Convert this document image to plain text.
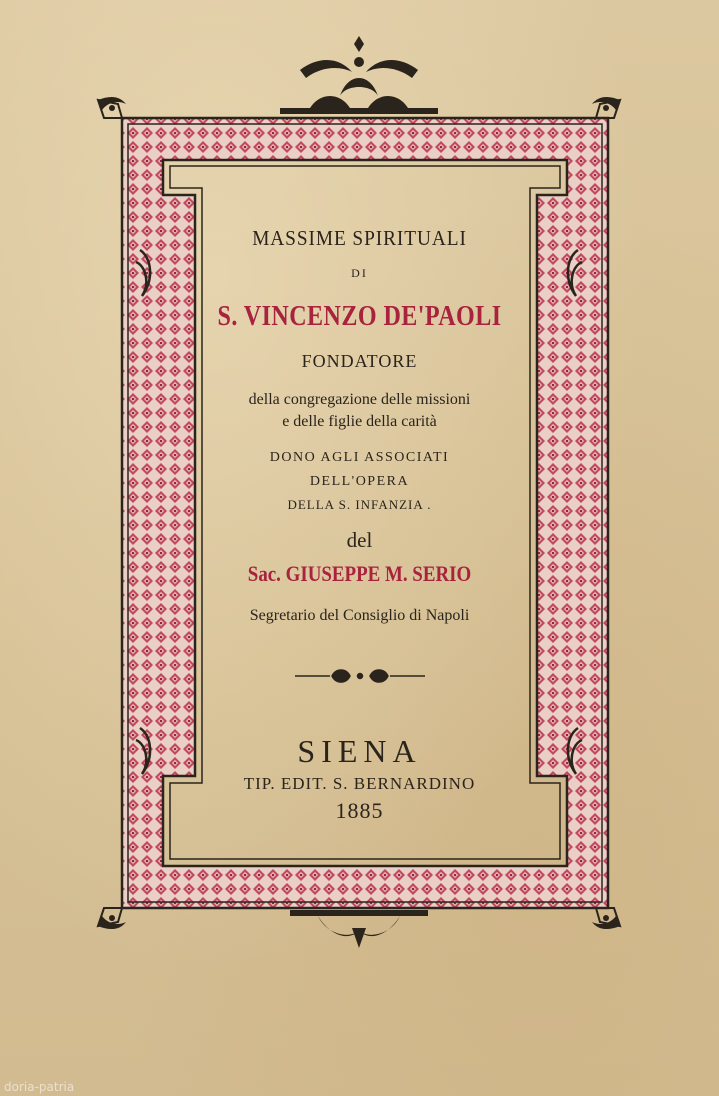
MASSIME SPIRITUALI
DI
S. VINCENZO DE'PAOLI
FONDATORE
della congregazione delle missioni
e delle figlie della carità
DONO AGLI ASSOCIATI
DELL'OPERA
DELLA S. INFANZIA .
del
Sac. GIUSEPPE M. SERIO
Segretario del Consiglio di Napoli
SIENA
TIP. EDIT. S. BERNARDINO
1885
doria-patria
